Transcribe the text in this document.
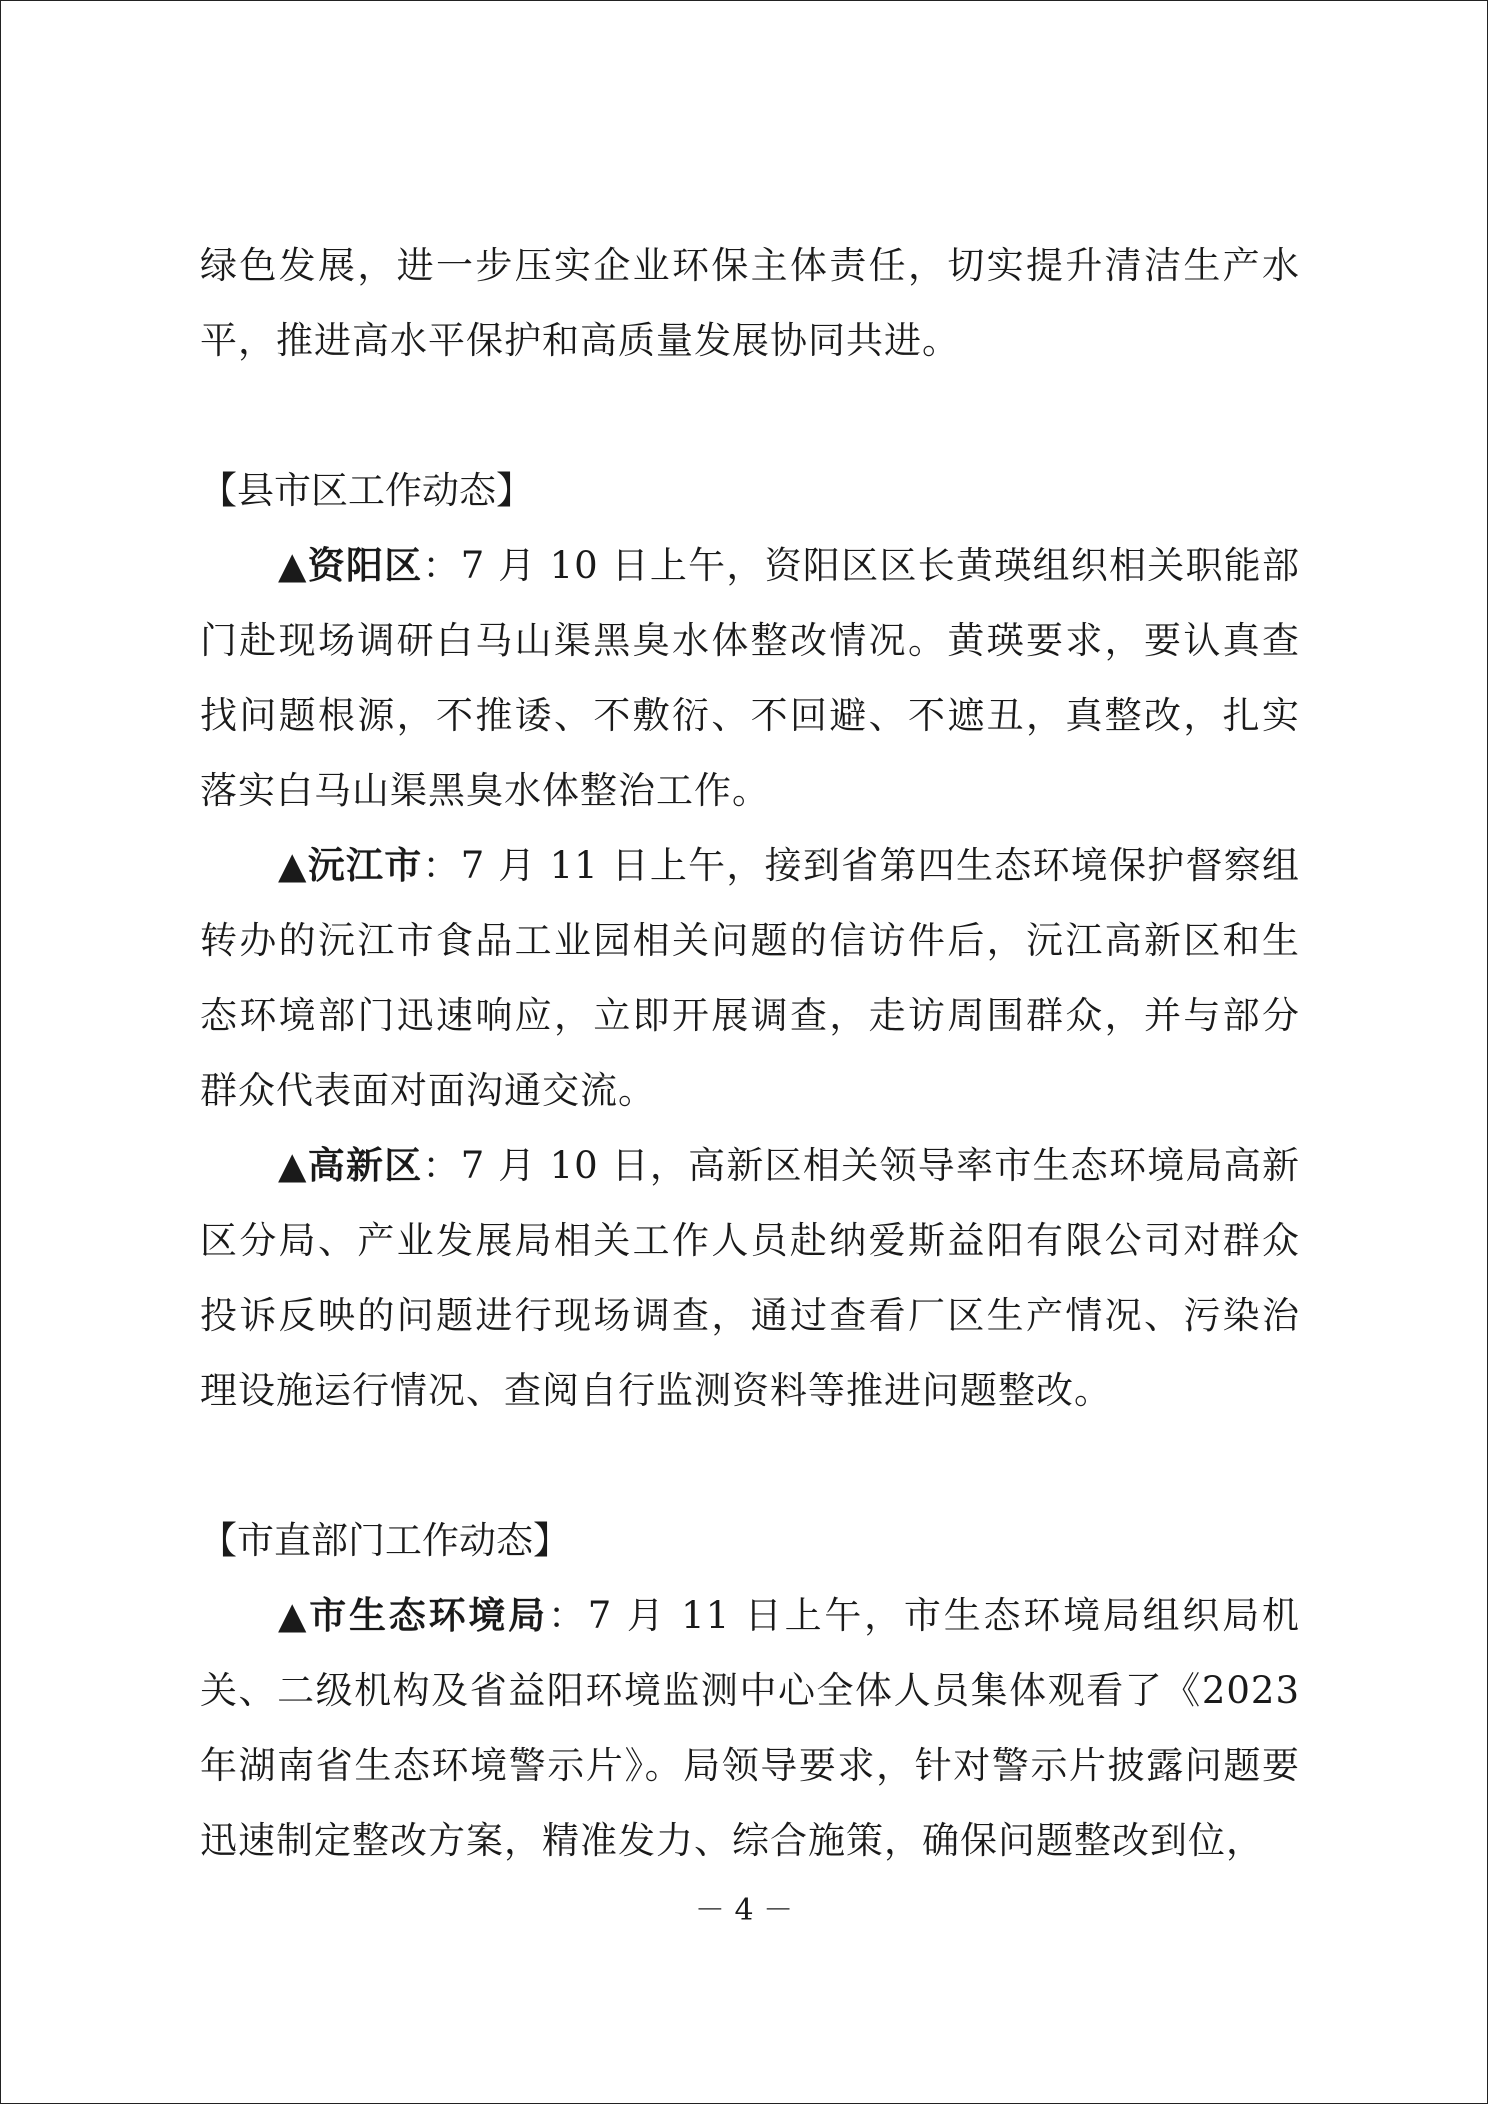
绿色发展，进一步压实企业环保主体责任，切实提升清洁生产水平，推进高水平保护和高质量发展协同共进。

【县市区工作动态】

▲资阳区：7 月 10 日上午，资阳区区长黄瑛组织相关职能部门赴现场调研白马山渠黑臭水体整改情况。黄瑛要求，要认真查找问题根源，不推诿、不敷衍、不回避、不遮丑，真整改，扎实落实白马山渠黑臭水体整治工作。

▲沅江市：7 月 11 日上午，接到省第四生态环境保护督察组转办的沅江市食品工业园相关问题的信访件后，沅江高新区和生态环境部门迅速响应，立即开展调查，走访周围群众，并与部分群众代表面对面沟通交流。

▲高新区：7 月 10 日，高新区相关领导率市生态环境局高新区分局、产业发展局相关工作人员赴纳爱斯益阳有限公司对群众投诉反映的问题进行现场调查，通过查看厂区生产情况、污染治理设施运行情况、查阅自行监测资料等推进问题整改。

【市直部门工作动态】

▲市生态环境局：7 月 11 日上午，市生态环境局组织局机关、二级机构及省益阳环境监测中心全体人员集体观看了《2023 年湖南省生态环境警示片》。局领导要求，针对警示片披露问题要迅速制定整改方案，精准发力、综合施策，确保问题整改到位，

－ 4 －
